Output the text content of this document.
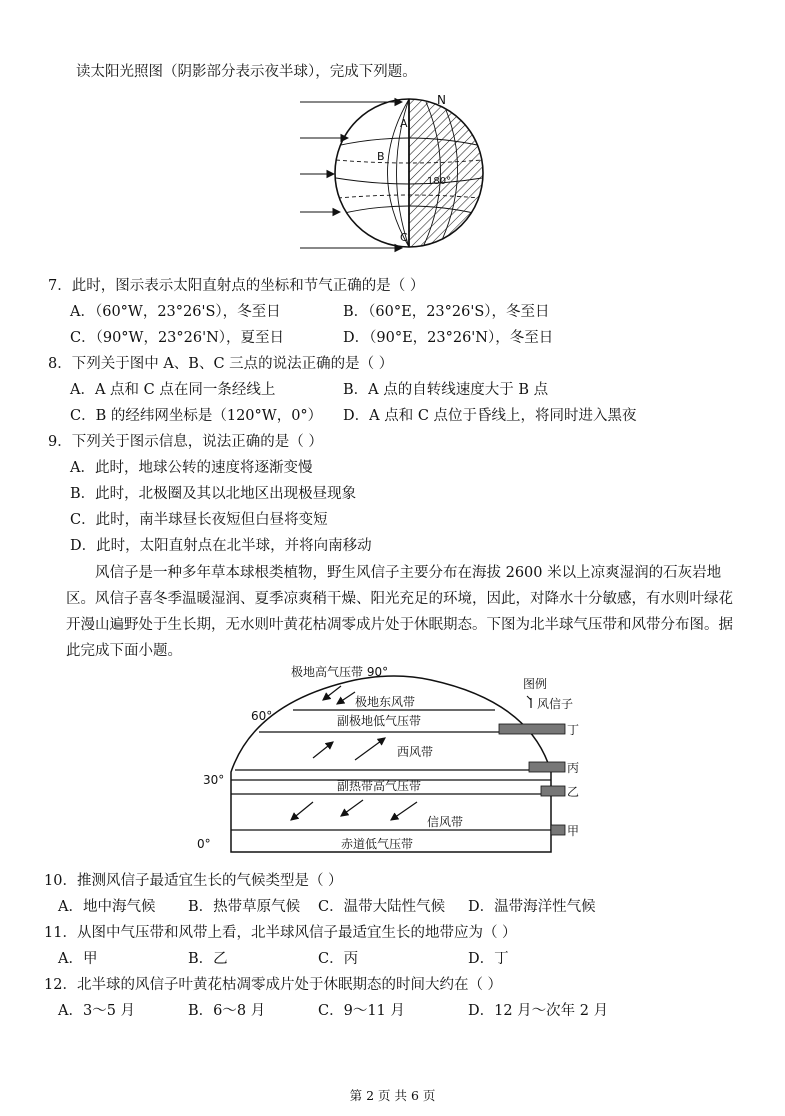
读太阳光照图（阴影部分表示夜半球），完成下列题。
N
A
B
C
180°
7．此时，图示表示太阳直射点的坐标和节气正确的是（ ）
A．（60°W，23°26'S），冬至日	B．（60°E，23°26'S），冬至日
C．（90°W，23°26'N），夏至日	D．（90°E，23°26'N），冬至日
8．下列关于图中 A、B、C 三点的说法正确的是（ ）
A．A 点和 C 点在同一条经线上	B．A 点的自转线速度大于 B 点
C．B 的经纬网坐标是（120°W，0°） D．A 点和 C 点位于昏线上，将同时进入黑夜
9．下列关于图示信息，说法正确的是（ ）
A．此时，地球公转的速度将逐渐变慢
B．此时，北极圈及其以北地区出现极昼现象
C．此时，南半球昼长夜短但白昼将变短
D．此时，太阳直射点在北半球，并将向南移动
风信子是一种多年草本球根类植物，野生风信子主要分布在海拔 2600 米以上凉爽湿润的石灰岩地区。风信子喜冬季温暖湿润、夏季凉爽稍干燥、阳光充足的环境，因此，对降水十分敏感，有水则叶绿花开漫山遍野处于生长期，无水则叶黄花枯凋零成片处于休眠期态。下图为北半球气压带和风带分布图。据此完成下面小题。
极地高气压带 90°
极地东风带
副极地低气压带
西风带
副热带高气压带
信风带
赤道低气压带
60°
30°
0°
图例
风信子
丁
丙
乙
甲
10．推测风信子最适宜生长的气候类型是（ ）
A．地中海气候 B．热带草原气候 C．温带大陆性气候 D．温带海洋性气候
11．从图中气压带和风带上看，北半球风信子最适宜生长的地带应为（ ）
A．甲	B．乙	C．丙	D．丁
12．北半球的风信子叶黄花枯凋零成片处于休眠期态的时间大约在（ ）
A．3～5 月	B．6～8 月	C．9～11 月	D．12 月～次年 2 月
第 2 页 共 6 页
